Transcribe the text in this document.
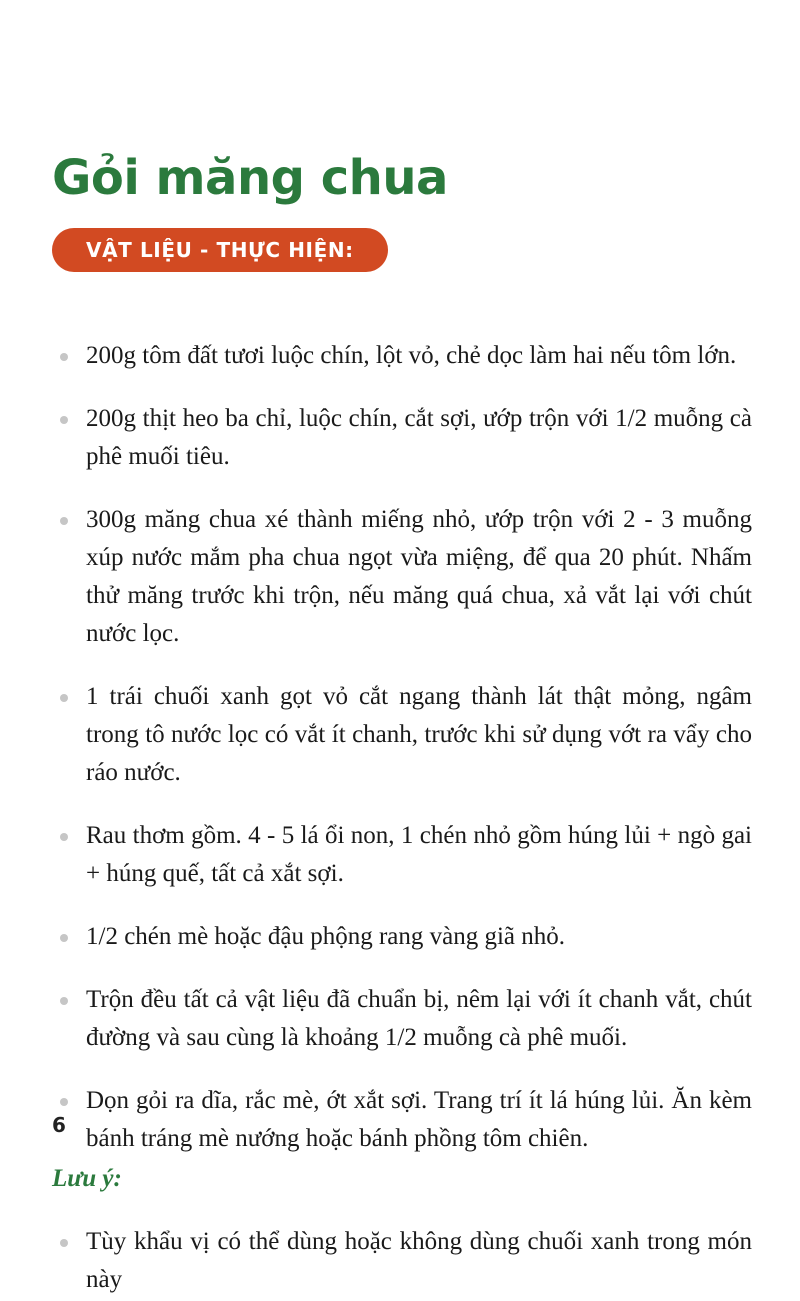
Gỏi măng chua
VẬT LIỆU - THỰC HIỆN:

200g tôm đất tươi luộc chín, lột vỏ, chẻ dọc làm hai nếu tôm lớn.

200g thịt heo ba chỉ, luộc chín, cắt sợi, ướp trộn với 1/2 muỗng cà phê muối tiêu.

300g măng chua xé thành miếng nhỏ, ướp trộn với 2 - 3 muỗng xúp nước mắm pha chua ngọt vừa miệng, để qua 20 phút. Nhấm thử măng trước khi trộn, nếu măng quá chua, xả vắt lại với chút nước lọc.

1 trái chuối xanh gọt vỏ cắt ngang thành lát thật mỏng, ngâm trong tô nước lọc có vắt ít chanh, trước khi sử dụng vớt ra vẩy cho ráo nước.

Rau thơm gồm. 4 - 5 lá ổi non, 1 chén nhỏ gồm húng lủi + ngò gai + húng quế, tất cả xắt sợi.

1/2 chén mè hoặc đậu phộng rang vàng giã nhỏ.

Trộn đều tất cả vật liệu đã chuẩn bị, nêm lại với ít chanh vắt, chút đường và sau cùng là khoảng 1/2 muỗng cà phê muối.

Dọn gỏi ra dĩa, rắc mè, ớt xắt sợi. Trang trí ít lá húng lủi. Ăn kèm bánh tráng mè nướng hoặc bánh phồng tôm chiên.

Lưu ý:

Tùy khẩu vị có thể dùng hoặc không dùng chuối xanh trong món này

6
